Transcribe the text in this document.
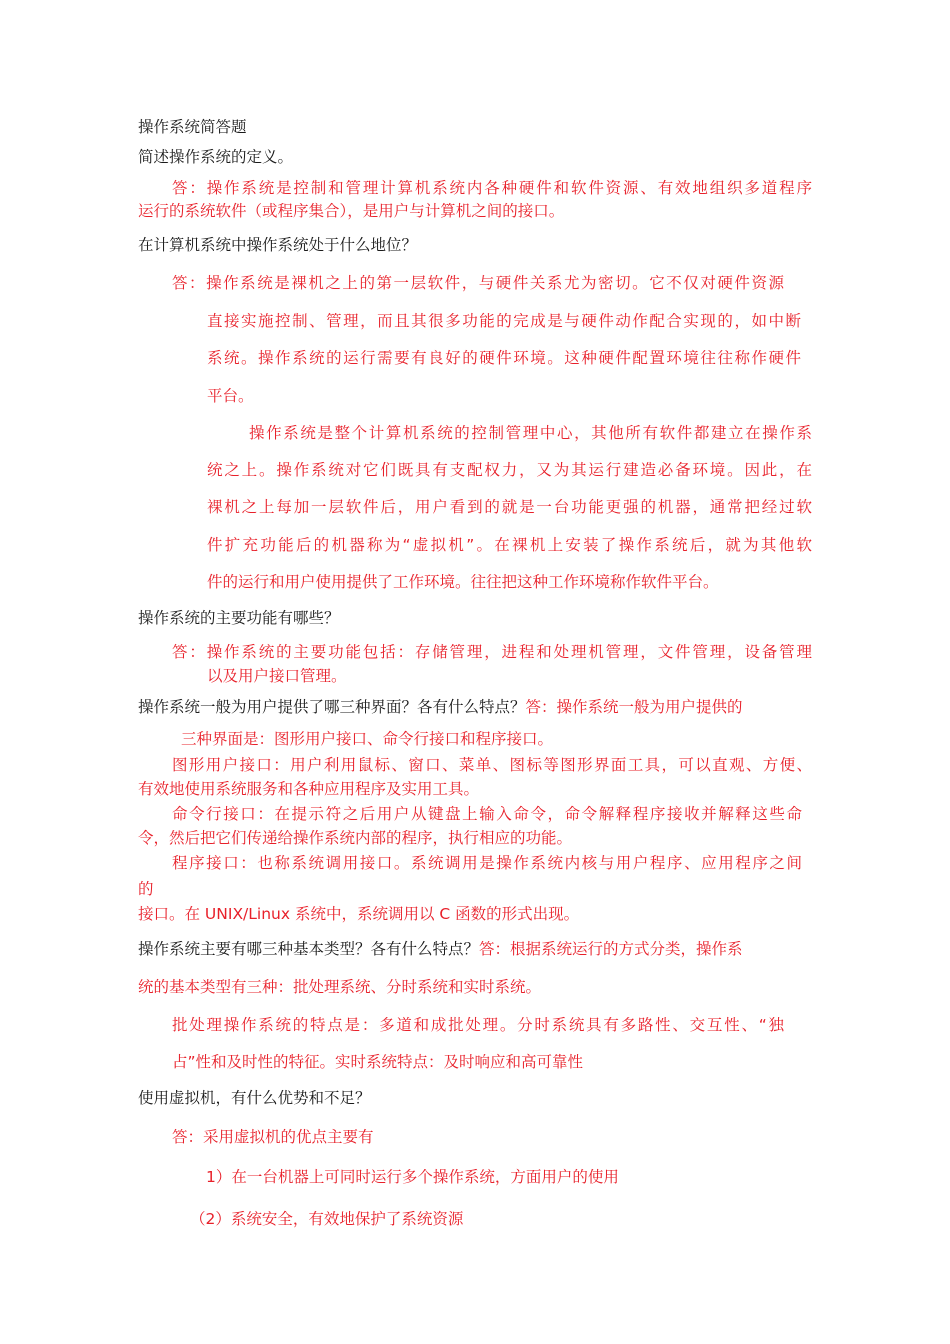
操作系统简答题
简述操作系统的定义。
答：操作系统是控制和管理计算机系统内各种硬件和软件资源、有效地组织多道程序
运行的系统软件（或程序集合），是用户与计算机之间的接口。
在计算机系统中操作系统处于什么地位？
答：操作系统是裸机之上的第一层软件，与硬件关系尤为密切。它不仅对硬件资源
直接实施控制、管理，而且其很多功能的完成是与硬件动作配合实现的，如中断
系统。操作系统的运行需要有良好的硬件环境。这种硬件配置环境往往称作硬件
平台。
操作系统是整个计算机系统的控制管理中心，其他所有软件都建立在操作系
统之上。操作系统对它们既具有支配权力，又为其运行建造必备环境。因此，在
裸机之上每加一层软件后，用户看到的就是一台功能更强的机器，通常把经过软
件扩充功能后的机器称为“虚拟机”。在裸机上安装了操作系统后，就为其他软
件的运行和用户使用提供了工作环境。往往把这种工作环境称作软件平台。
操作系统的主要功能有哪些？
答：操作系统的主要功能包括：存储管理，进程和处理机管理，文件管理，设备管理
以及用户接口管理。
操作系统一般为用户提供了哪三种界面？各有什么特点？答：操作系统一般为用户提供的
三种界面是：图形用户接口、命令行接口和程序接口。
图形用户接口：用户利用鼠标、窗口、菜单、图标等图形界面工具，可以直观、方便、
有效地使用系统服务和各种应用程序及实用工具。
命令行接口：在提示符之后用户从键盘上输入命令，命令解释程序接收并解释这些命
令，然后把它们传递给操作系统内部的程序，执行相应的功能。
程序接口：也称系统调用接口。系统调用是操作系统内核与用户程序、应用程序之间
的
接口。在 UNIX/Linux 系统中，系统调用以 C 函数的形式出现。
操作系统主要有哪三种基本类型？各有什么特点？答：根据系统运行的方式分类，操作系
统的基本类型有三种：批处理系统、分时系统和实时系统。
批处理操作系统的特点是：多道和成批处理。分时系统具有多路性、交互性、“独
占”性和及时性的特征。实时系统特点：及时响应和高可靠性
使用虚拟机，有什么优势和不足？
答：采用虚拟机的优点主要有
1）在一台机器上可同时运行多个操作系统，方面用户的使用
（2）系统安全，有效地保护了系统资源
